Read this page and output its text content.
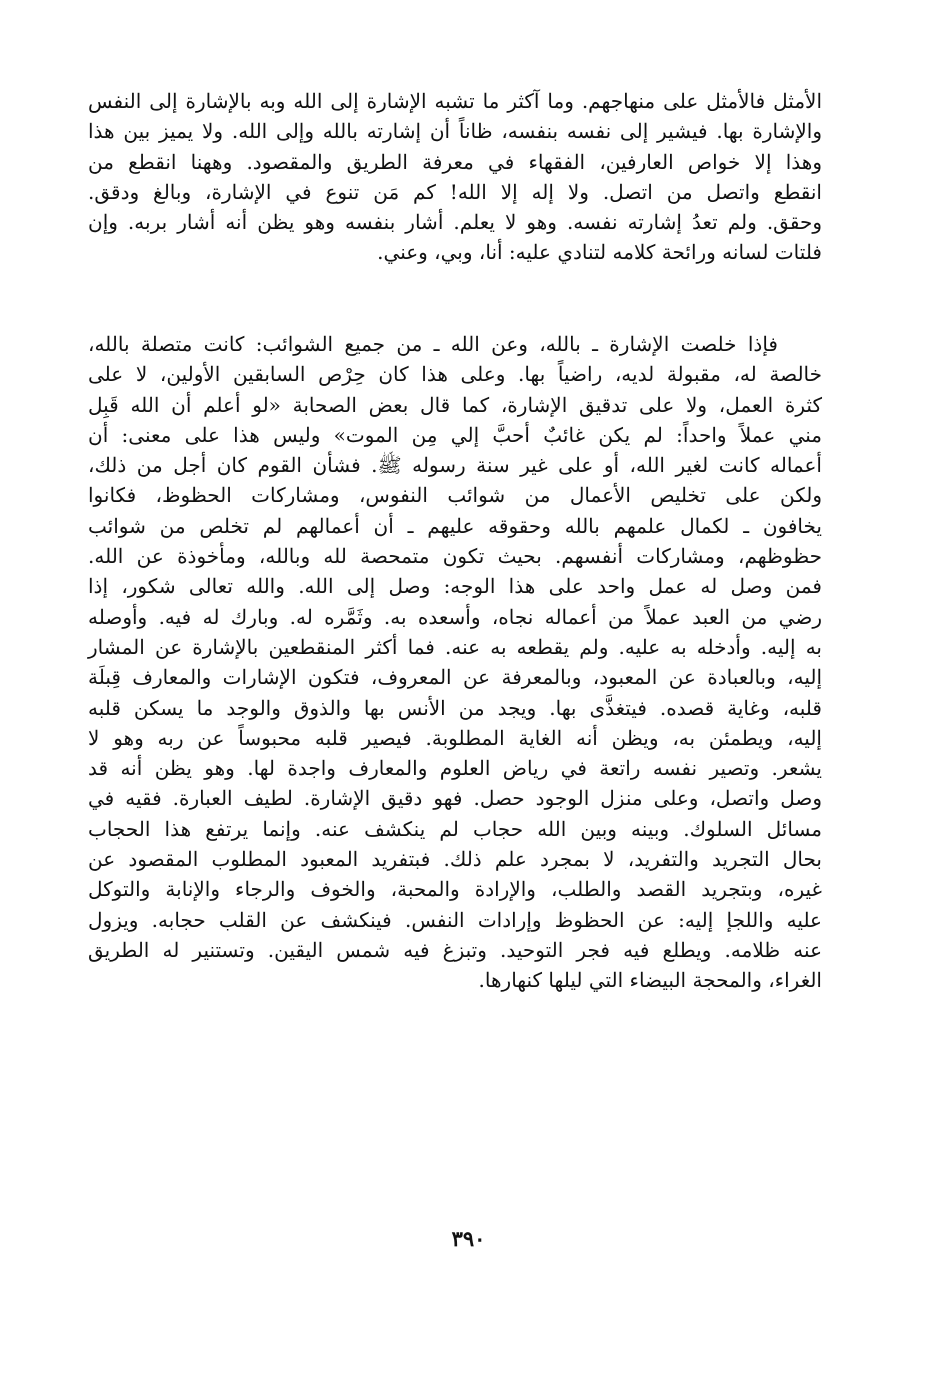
الأمثل فالأمثل على منهاجهم. وما آكثر ما تشبه الإشارة إلى الله وبه بالإشارة إلى النفس
والإشارة بها. فيشير إلى نفسه بنفسه، ظاناً أن إشارته بالله وإلى الله. ولا يميز بين هذا
وهذا إلا خواص العارفين، الفقهاء في معرفة الطريق والمقصود. وههنا انقطع من
انقطع واتصل من اتصل. ولا إله إلا الله! كم مَن تنوع في الإشارة، وبالغ ودقق.
وحقق. ولم تعدُ إشارته نفسه. وهو لا يعلم. أشار بنفسه وهو يظن أنه أشار بربه. وإن
فلتات لسانه ورائحة كلامه لتنادي عليه: أنا، وبي، وعني.
فإذا خلصت الإشارة ـ بالله، وعن الله ـ من جميع الشوائب: كانت متصلة بالله،
خالصة له، مقبولة لديه، راضياً بها. وعلى هذا كان حِرْص السابقين الأولين، لا على
كثرة العمل، ولا على تدقيق الإشارة، كما قال بعض الصحابة «لو أعلم أن الله قَبِل
مني عملاً واحداً: لم يكن غائبٌ أحبَّ إلي مِن الموت» وليس هذا على معنى: أن
أعماله كانت لغير الله، أو على غير سنة رسوله ﷺ. فشأن القوم كان أجل من ذلك،
ولكن على تخليص الأعمال من شوائب النفوس، ومشاركات الحظوظ، فكانوا
يخافون ـ لكمال علمهم بالله وحقوقه عليهم ـ أن أعمالهم لم تخلص من شوائب
حظوظهم، ومشاركات أنفسهم. بحيث تكون متمحصة لله وبالله، ومأخوذة عن الله.
فمن وصل له عمل واحد على هذا الوجه: وصل إلى الله. والله تعالى شكور، إذا
رضي من العبد عملاً من أعماله نجاه، وأسعده به. وثَمَّره له. وبارك له فيه. وأوصله
به إليه. وأدخله به عليه. ولم يقطعه به عنه. فما أكثر المنقطعين بالإشارة عن المشار
إليه، وبالعبادة عن المعبود، وبالمعرفة عن المعروف، فتكون الإشارات والمعارف قِبلَة
قلبه، وغاية قصده. فيتغذَّى بها. ويجد من الأنس بها والذوق والوجد ما يسكن قلبه
إليه، ويطمئن به، ويظن أنه الغاية المطلوبة. فيصير قلبه محبوساً عن ربه وهو لا
يشعر. وتصير نفسه راتعة في رياض العلوم والمعارف واجدة لها. وهو يظن أنه قد
وصل واتصل، وعلى منزل الوجود حصل. فهو دقيق الإشارة. لطيف العبارة. فقيه في
مسائل السلوك. وبينه وبين الله حجاب لم ينكشف عنه. وإنما يرتفع هذا الحجاب
بحال التجريد والتفريد، لا بمجرد علم ذلك. فبتفريد المعبود المطلوب المقصود عن
غيره، وبتجريد القصد والطلب، والإرادة والمحبة، والخوف والرجاء والإنابة والتوكل
عليه واللجإ إليه: عن الحظوظ وإرادات النفس. فينكشف عن القلب حجابه. ويزول
عنه ظلامه. ويطلع فيه فجر التوحيد. وتبزغ فيه شمس اليقين. وتستنير له الطريق
الغراء، والمحجة البيضاء التي ليلها كنهارها.
٣٩٠
